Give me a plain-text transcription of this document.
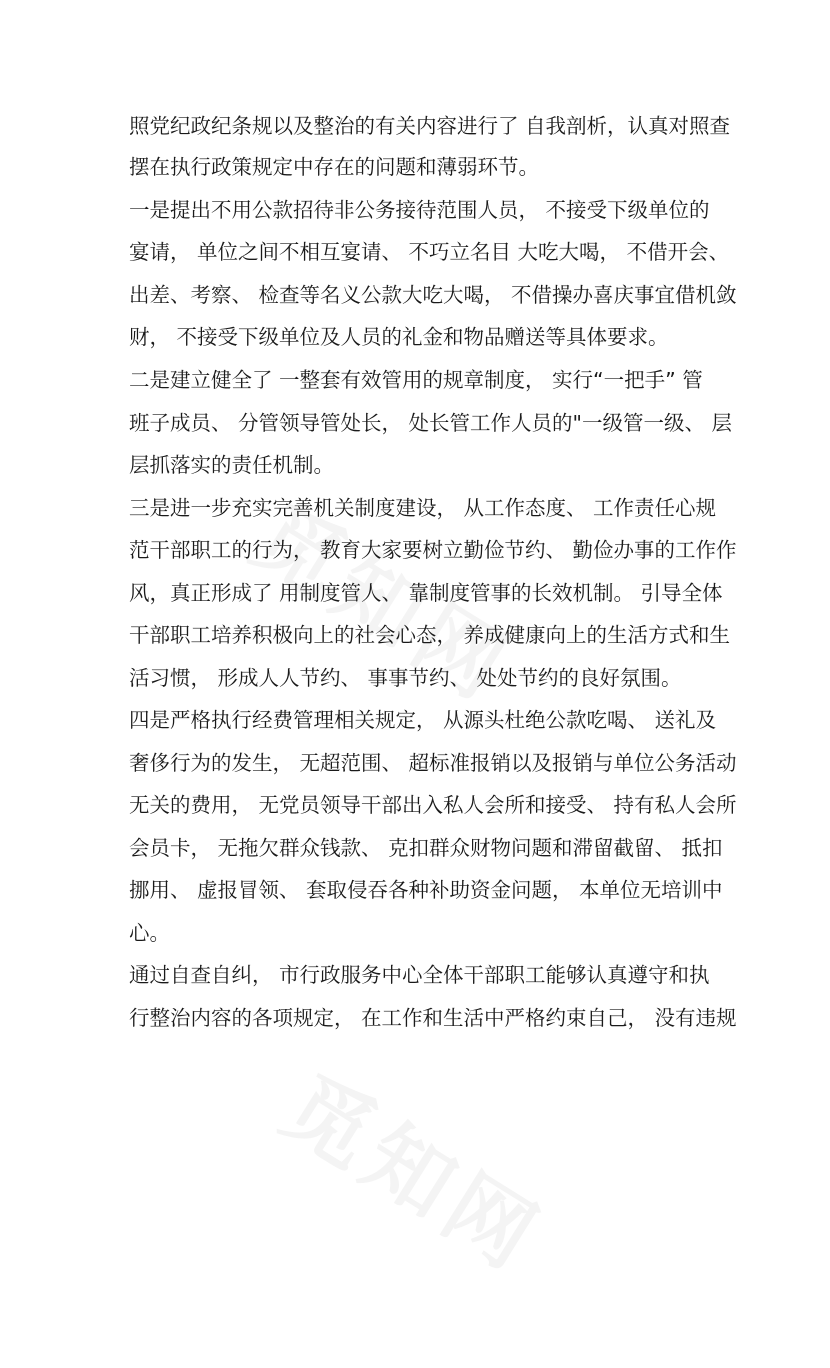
照党纪政纪条规以及整治的有关内容进行了 自我剖析，认真对照查
摆在执行政策规定中存在的问题和薄弱环节。
一是提出不用公款招待非公务接待范围人员， 不接受下级单位的
宴请， 单位之间不相互宴请、 不巧立名目 大吃大喝， 不借开会、
出差、考察、 检查等名义公款大吃大喝， 不借操办喜庆事宜借机敛
财， 不接受下级单位及人员的礼金和物品赠送等具体要求。
二是建立健全了 一整套有效管用的规章制度， 实行“一把手” 管
班子成员、 分管领导管处长， 处长管工作人员的"一级管一级、 层
层抓落实的责任机制。
三是进一步充实完善机关制度建设， 从工作态度、 工作责任心规
范干部职工的行为， 教育大家要树立勤俭节约、 勤俭办事的工作作
风，真正形成了 用制度管人、 靠制度管事的长效机制。 引导全体
干部职工培养积极向上的社会心态， 养成健康向上的生活方式和生
活习惯， 形成人人节约、 事事节约、 处处节约的良好氛围。
四是严格执行经费管理相关规定， 从源头杜绝公款吃喝、 送礼及
奢侈行为的发生， 无超范围、 超标准报销以及报销与单位公务活动
无关的费用， 无党员领导干部出入私人会所和接受、 持有私人会所
会员卡， 无拖欠群众钱款、 克扣群众财物问题和滞留截留、 抵扣
挪用、 虚报冒领、 套取侵吞各种补助资金问题， 本单位无培训中
心。
通过自查自纠， 市行政服务中心全体干部职工能够认真遵守和执
行整治内容的各项规定， 在工作和生活中严格约束自己， 没有违规
